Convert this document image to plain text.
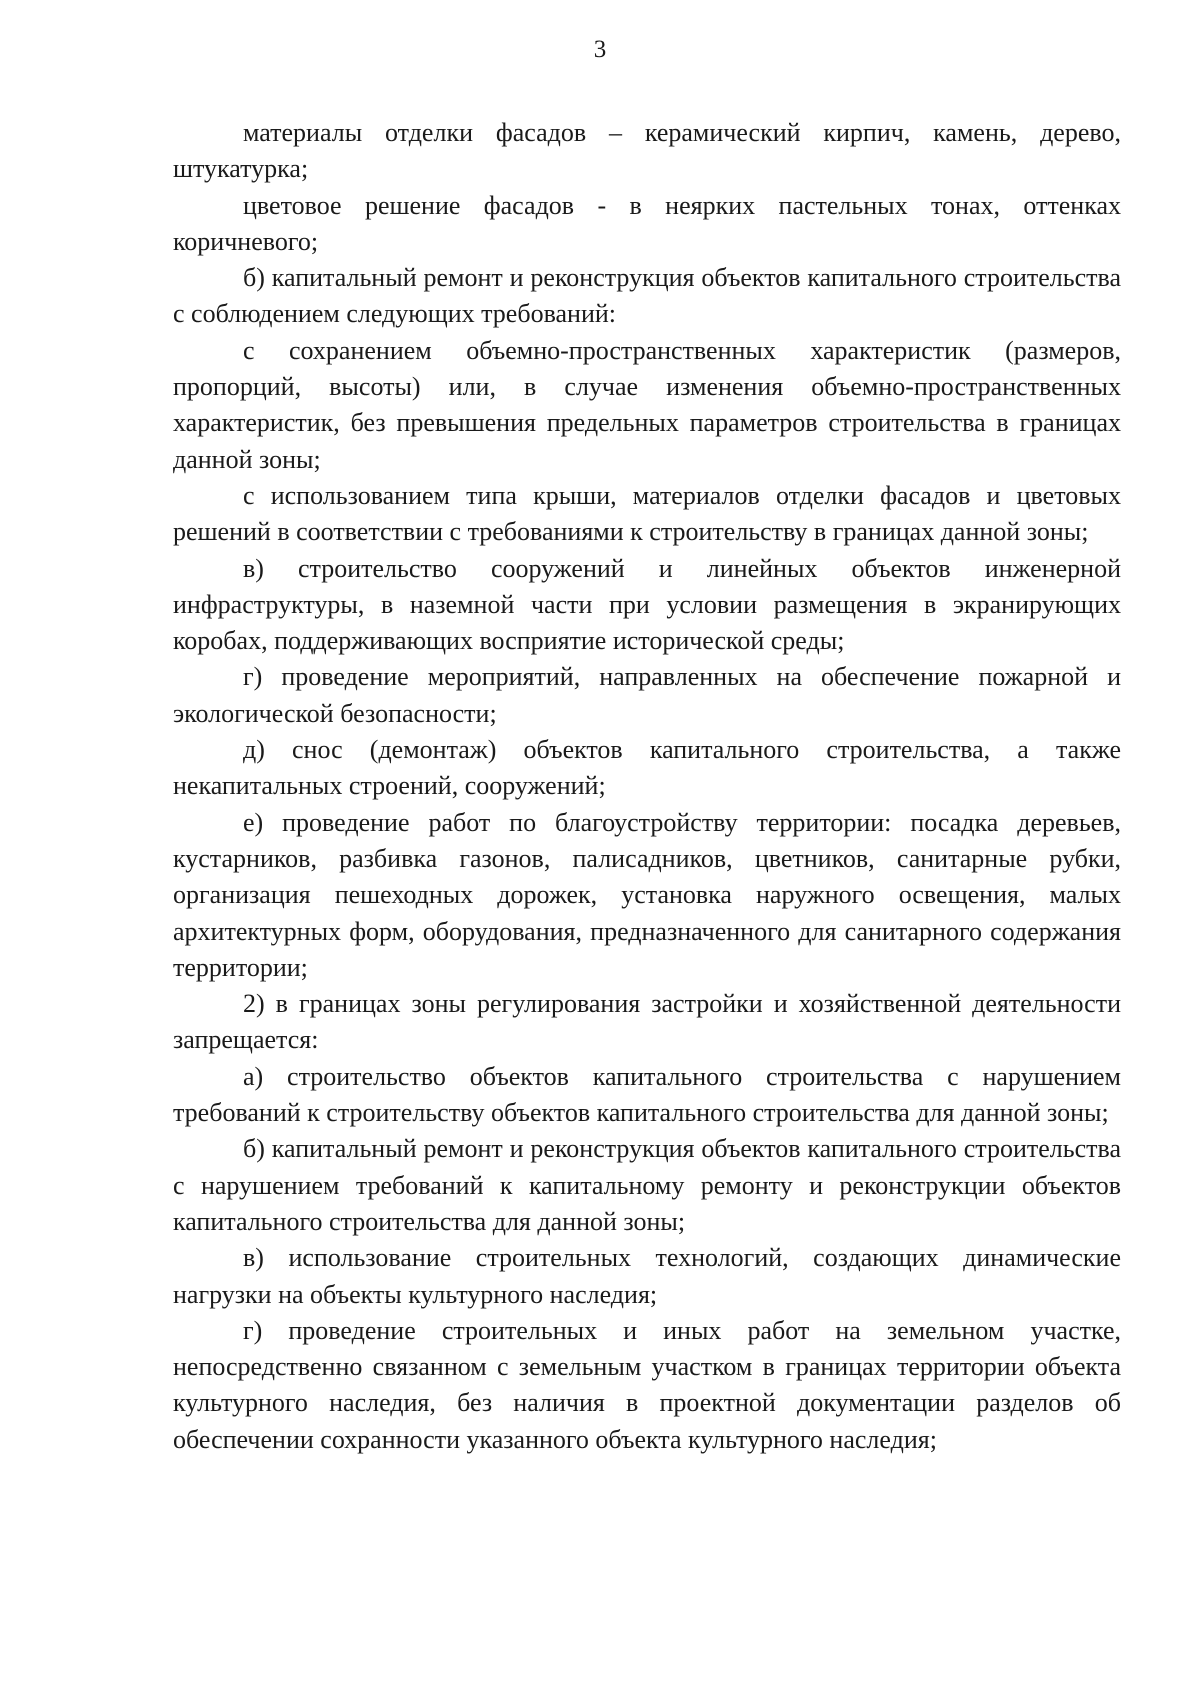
3

материалы отделки фасадов – керамический кирпич, камень, дерево, штукатурка;

цветовое решение фасадов - в неярких пастельных тонах, оттенках коричневого;

б) капитальный ремонт и реконструкция объектов капитального строительства с соблюдением следующих требований:

с сохранением объемно-пространственных характеристик (размеров, пропорций, высоты) или, в случае изменения объемно-пространственных характеристик, без превышения предельных параметров строительства в границах данной зоны;

с использованием типа крыши, материалов отделки фасадов и цветовых решений в соответствии с требованиями к строительству в границах данной зоны;

в) строительство сооружений и линейных объектов инженерной инфраструктуры, в наземной части при условии размещения в экранирующих коробах, поддерживающих восприятие исторической среды;

г) проведение мероприятий, направленных на обеспечение пожарной и экологической безопасности;

д) снос (демонтаж) объектов капитального строительства, а также некапитальных строений, сооружений;

е) проведение работ по благоустройству территории: посадка деревьев, кустарников, разбивка газонов, палисадников, цветников, санитарные рубки, организация пешеходных дорожек, установка наружного освещения, малых архитектурных форм, оборудования, предназначенного для санитарного содержания территории;

2) в границах зоны регулирования застройки и хозяйственной деятельности запрещается:

а) строительство объектов капитального строительства с нарушением требований к строительству объектов капитального строительства для данной зоны;

б) капитальный ремонт и реконструкция объектов капитального строительства с нарушением требований к капитальному ремонту и реконструкции объектов капитального строительства для данной зоны;

в) использование строительных технологий, создающих динамические нагрузки на объекты культурного наследия;

г) проведение строительных и иных работ на земельном участке, непосредственно связанном с земельным участком в границах территории объекта культурного наследия, без наличия в проектной документации разделов об обеспечении сохранности указанного объекта культурного наследия;
